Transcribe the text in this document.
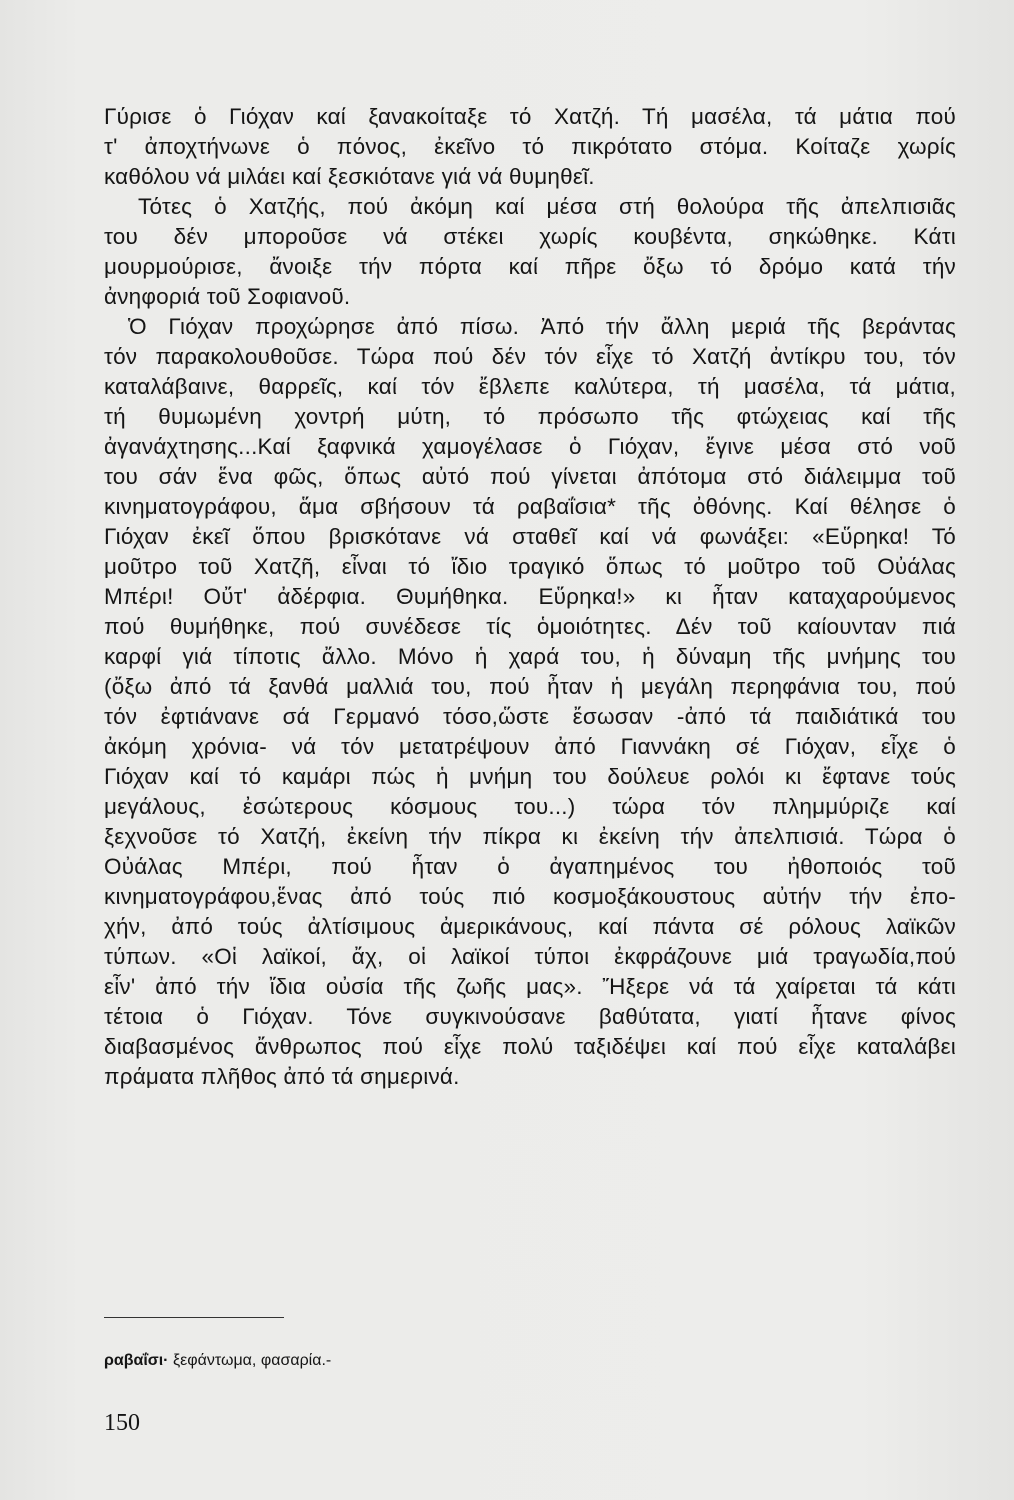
Γύρισε ὁ Γιόχαν καί ξανακοίταξε τό Χατζή. Τή μασέλα, τά μάτια πού
τ' ἀποχτήνωνε ὁ πόνος, ἐκεῖνο τό πικρότατο στόμα. Κοίταζε χωρίς
καθόλου νά μιλάει καί ξεσκιότανε γιά νά θυμηθεῖ.
Τότες ὁ Χατζής, πού ἀκόμη καί μέσα στή θολούρα τῆς ἀπελπισιᾶς
του δέν μποροῦσε νά στέκει χωρίς κουβέντα, σηκώθηκε. Κάτι
μουρμούρισε, ἄνοιξε τήν πόρτα καί πῆρε ὄξω τό δρόμο κατά τήν
ἀνηφοριά τοῦ Σοφιανοῦ.
Ὁ Γιόχαν προχώρησε ἀπό πίσω. Ἀπό τήν ἄλλη μεριά τῆς βεράντας
τόν παρακολουθοῦσε. Τώρα πού δέν τόν εἶχε τό Χατζή ἀντίκρυ του, τόν
καταλάβαινε, θαρρεῖς, καί τόν ἔβλεπε καλύτερα, τή μασέλα, τά μάτια,
τή θυμωμένη χοντρή μύτη, τό πρόσωπο τῆς φτώχειας καί τῆς
ἀγανάχτησης...Καί ξαφνικά χαμογέλασε ὁ Γιόχαν, ἔγινε μέσα στό νοῦ
του σάν ἕνα φῶς, ὅπως αὐτό πού γίνεται ἀπότομα στό διάλειμμα τοῦ
κινηματογράφου, ἅμα σβήσουν τά ραβαΐσια* τῆς ὀθόνης. Καί θέλησε ὁ
Γιόχαν ἐκεῖ ὅπου βρισκότανε νά σταθεῖ καί νά φωνάξει: «Εὕρηκα! Τό
μοῦτρο τοῦ Χατζῆ, εἶναι τό ἴδιο τραγικό ὅπως τό μοῦτρο τοῦ Οὐάλας
Μπέρι! Οὔτ' ἀδέρφια. Θυμήθηκα. Εὕρηκα!» κι ἦταν καταχαρούμενος
πού θυμήθηκε, πού συνέδεσε τίς ὁμοιότητες. Δέν τοῦ καίουνταν πιά
καρφί γιά τίποτις ἄλλο. Μόνο ἡ χαρά του, ἡ δύναμη τῆς μνήμης του
(ὄξω ἀπό τά ξανθά μαλλιά του, πού ἦταν ἡ μεγάλη περηφάνια του, πού
τόν ἐφτιάνανε σά Γερμανό τόσο,ὥστε ἔσωσαν -ἀπό τά παιδιάτικά του
ἀκόμη χρόνια- νά τόν μετατρέψουν ἀπό Γιαννάκη σέ Γιόχαν, εἶχε ὁ
Γιόχαν καί τό καμάρι πώς ἡ μνήμη του δούλευε ρολόι κι ἔφτανε τούς
μεγάλους, ἐσώτερους κόσμους του...) τώρα τόν πλημμύριζε καί
ξεχνοῦσε τό Χατζή, ἐκείνη τήν πίκρα κι ἐκείνη τήν ἀπελπισιά. Τώρα ὁ
Οὐάλας Μπέρι, πού ἦταν ὁ ἀγαπημένος του ἠθοποιός τοῦ
κινηματογράφου,ἕνας ἀπό τούς πιό κοσμοξάκουστους αὐτήν τήν ἐπο-
χήν, ἀπό τούς ἀλτίσιμους ἀμερικάνους, καί πάντα σέ ρόλους λαϊκῶν
τύπων. «Οἱ λαϊκοί, ἄχ, οἱ λαϊκοί τύποι ἐκφράζουνε μιά τραγωδία,πού
εἶν' ἀπό τήν ἴδια οὐσία τῆς ζωῆς μας». Ἤξερε νά τά χαίρεται τά κάτι
τέτοια ὁ Γιόχαν. Τόνε συγκινούσανε βαθύτατα, γιατί ἦτανε φίνος
διαβασμένος ἄνθρωπος πού εἶχε πολύ ταξιδέψει καί πού εἶχε καταλάβει
πράματα πλῆθος ἀπό τά σημερινά.
ραβαΐσι· ξεφάντωμα, φασαρία.-
150
